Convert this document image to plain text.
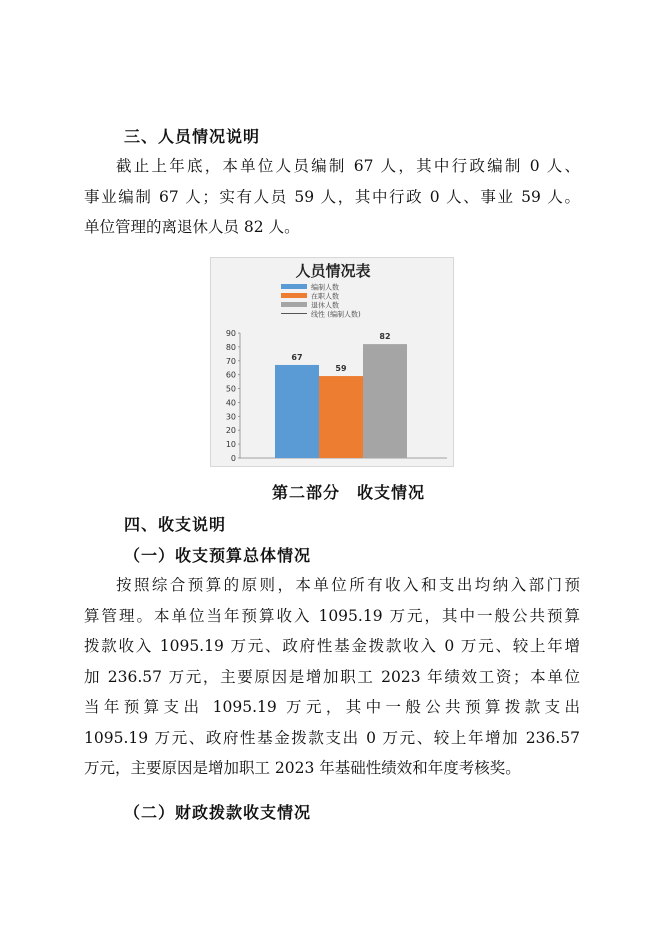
三、人员情况说明
截止上年底，本单位人员编制 67 人，其中行政编制 0 人、
事业编制 67 人；实有人员 59 人，其中行政 0 人、事业 59 人。
单位管理的离退休人员 82 人。
人员情况表
编制人数
在职人数
退休人数
线性 (编制人数)
0
10
20
30
40
50
60
70
80
90
67
59
82
第二部分　收支情况
四、收支说明
（一）收支预算总体情况
按照综合预算的原则，本单位所有收入和支出均纳入部门预
算管理。本单位当年预算收入 1095.19 万元，其中一般公共预算
拨款收入 1095.19 万元、政府性基金拨款收入 0 万元、较上年增
加 236.57 万元，主要原因是增加职工 2023 年绩效工资；本单位
当年预算支出 1095.19 万元，其中一般公共预算拨款支出
1095.19 万元、政府性基金拨款支出 0 万元、较上年增加 236.57
万元，主要原因是增加职工 2023 年基础性绩效和年度考核奖。
（二）财政拨款收支情况
